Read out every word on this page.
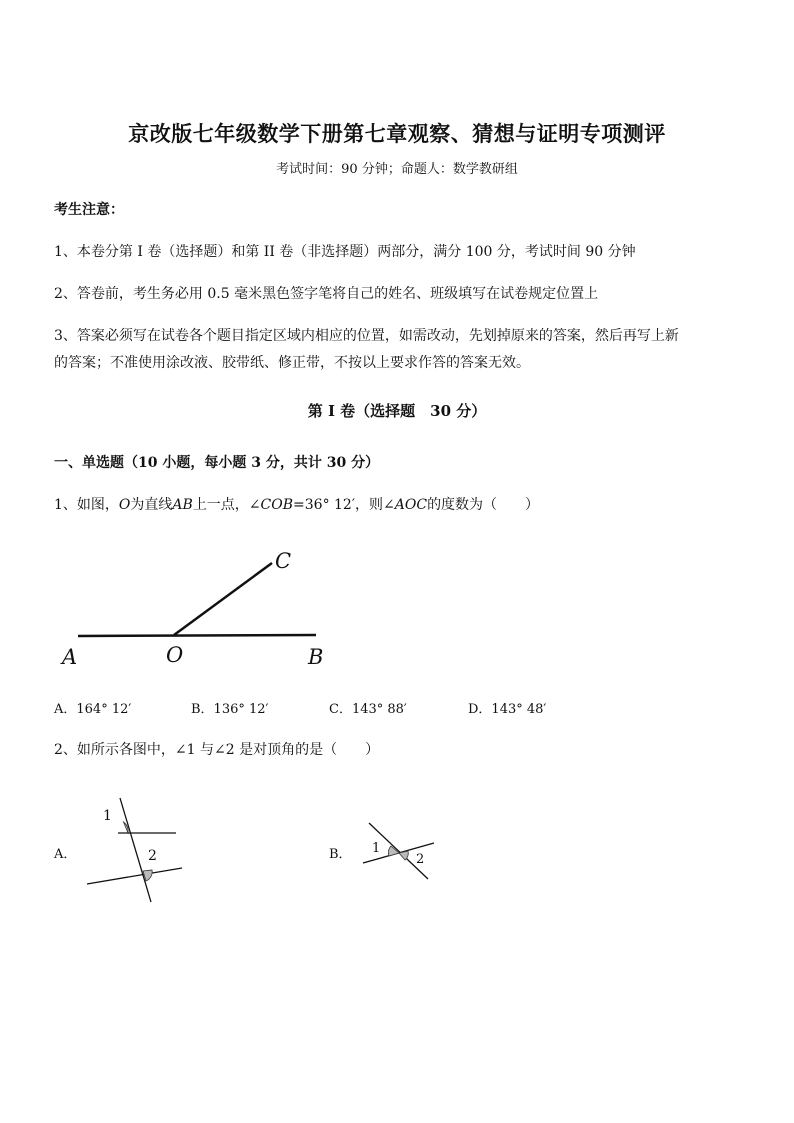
京改版七年级数学下册第七章观察、猜想与证明专项测评
考试时间：90 分钟；命题人：数学教研组
考生注意：
1、本卷分第 I 卷（选择题）和第 II 卷（非选择题）两部分，满分 100 分，考试时间 90 分钟
2、答卷前，考生务必用 0.5 毫米黑色签字笔将自己的姓名、班级填写在试卷规定位置上
3、答案必须写在试卷各个题目指定区域内相应的位置，如需改动，先划掉原来的答案，然后再写上新
的答案；不准使用涂改液、胶带纸、修正带，不按以上要求作答的答案无效。
第 I 卷（选择题　30 分）
一、单选题（10 小题，每小题 3 分，共计 30 分）
1、如图，O为直线AB上一点，∠COB=36° 12′，则∠AOC的度数为（　　）
A	O	B
C
A．164° 12′	B．136° 12′	C．143° 88′	D．143° 48′
2、如所示各图中，∠1 与∠2 是对顶角的是（　　）
A．
1
2	B． 1
2
